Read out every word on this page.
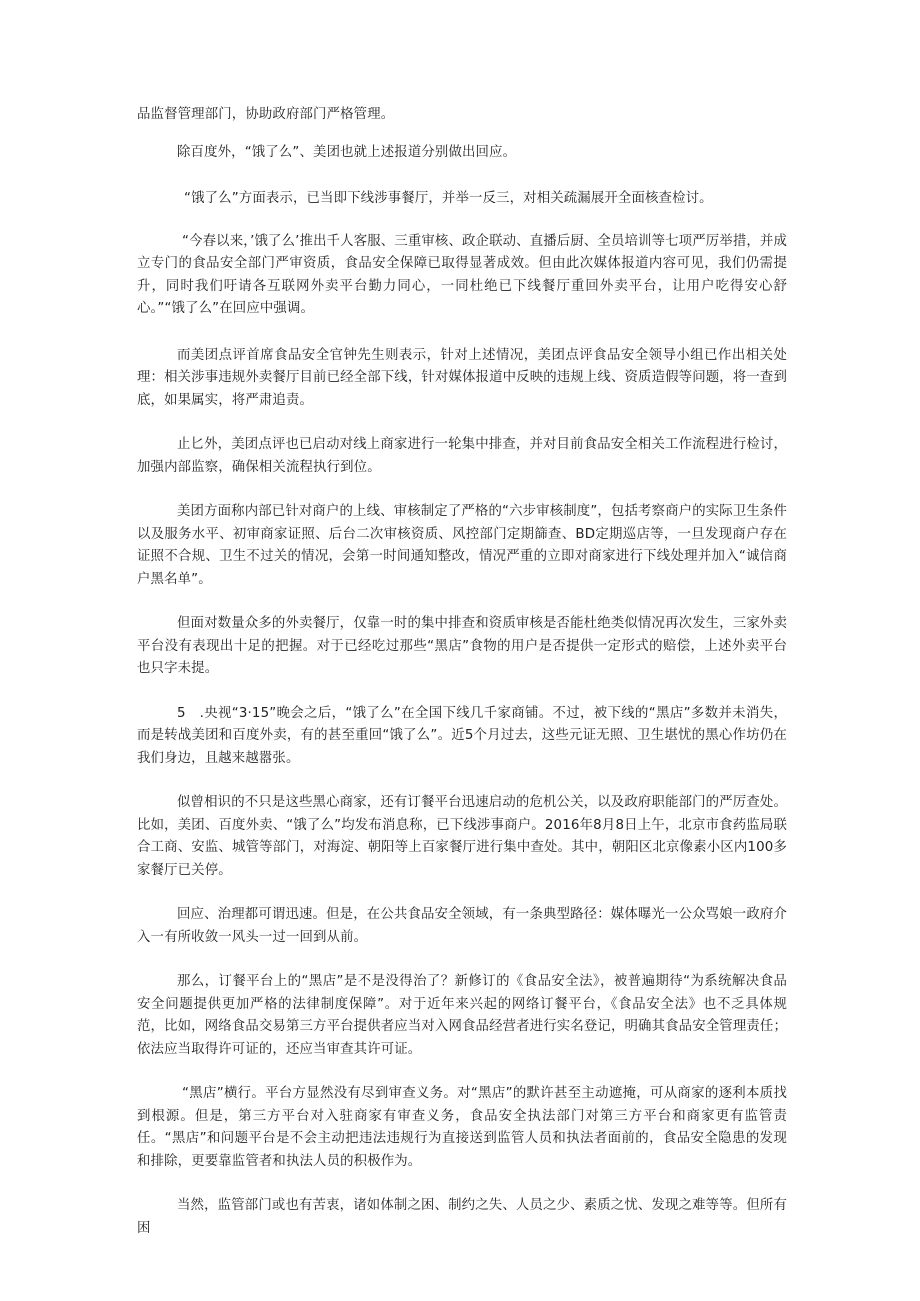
品监督管理部门，协助政府部门严格管理。

除百度外，“饿了么”、美团也就上述报道分别做出回应。

“饿了么”方面表示，已当即下线涉事餐厅，并举一反三，对相关疏漏展开全面核查检讨。

“今春以来，’饿了么’推出千人客服、三重审核、政企联动、直播后厨、全员培训等七项严厉举措，并成立专门的食品安全部门严审资质，食品安全保障已取得显著成效。但由此次媒体报道内容可见，我们仍需提升，同时我们吁请各互联网外卖平台勤力同心，一同杜绝已下线餐厅重回外卖平台，让用户吃得安心舒心。”“饿了么”在回应中强调。

而美团点评首席食品安全官钟先生则表示，针对上述情况，美团点评食品安全领导小组已作出相关处理：相关涉事违规外卖餐厅目前已经全部下线，针对媒体报道中反映的违规上线、资质造假等问题，将一查到底，如果属实，将严肃追责。

止匕外，美团点评也已启动对线上商家进行一轮集中排查，并对目前食品安全相关工作流程进行检讨，加强内部监察，确保相关流程执行到位。

美团方面称内部已针对商户的上线、审核制定了严格的“六步审核制度”，包括考察商户的实际卫生条件以及服务水平、初审商家证照、后台二次审核资质、风控部门定期篩查、BD定期巡店等，一旦发现商户存在证照不合规、卫生不过关的情况，会第一时间通知整改，情况严重的立即对商家进行下线处理并加入“诚信商户黑名单”。

但面对数量众多的外卖餐厅，仅靠一时的集中排查和资质审核是否能杜绝类似情况再次发生，三家外卖平台没有表现出十足的把握。对于已经吃过那些“黑店”食物的用户是否提供一定形式的赔偿，上述外卖平台也只字未提。

5　.央视“3·15”晚会之后，“饿了么”在全国下线几千家商铺。不过，被下线的“黑店”多数并未消失，而是转战美团和百度外卖，有的甚至重回“饿了么”。近5个月过去，这些元证无照、卫生堪忧的黑心作坊仍在我们身边，且越来越嚣张。

似曾相识的不只是这些黑心商家，还有订餐平台迅速启动的危机公关，以及政府职能部门的严厉查处。比如，美团、百度外卖、“饿了么”均发布消息称，已下线涉事商户。2016年8月8日上午，北京市食药监局联合工商、安监、城管等部门，对海淀、朝阳等上百家餐厅进行集中查处。其中，朝阳区北京像素小区内100多家餐厅已关停。

回应、治理都可谓迅速。但是，在公共食品安全领域，有一条典型路径：媒体曝光一公众骂娘一政府介入一有所收敛一风头一过一回到从前。

那么，订餐平台上的“黑店”是不是没得治了？新修订的《食品安全法》，被普遍期待“为系统解决食品安全问题提供更加严格的法律制度保障”。对于近年来兴起的网络订餐平台，《食品安全法》也不乏具体规范，比如，网络食品交易第三方平台提供者应当对入网食品经营者进行实名登记，明确其食品安全管理责任；依法应当取得许可证的，还应当审查其许可证。

“黑店”横行。平台方显然没有尽到审查义务。对“黑店”的默许甚至主动遮掩，可从商家的逐利本质找到根源。但是，第三方平台对入驻商家有审查义务，食品安全执法部门对第三方平台和商家更有监管责任。“黑店”和问题平台是不会主动把违法违规行为直接送到监管人员和执法者面前的，食品安全隐患的发现和排除，更要靠监管者和执法人员的积极作为。

当然，监管部门或也有苦衷，诸如体制之困、制约之失、人员之少、素质之忧、发现之难等等。但所有困
